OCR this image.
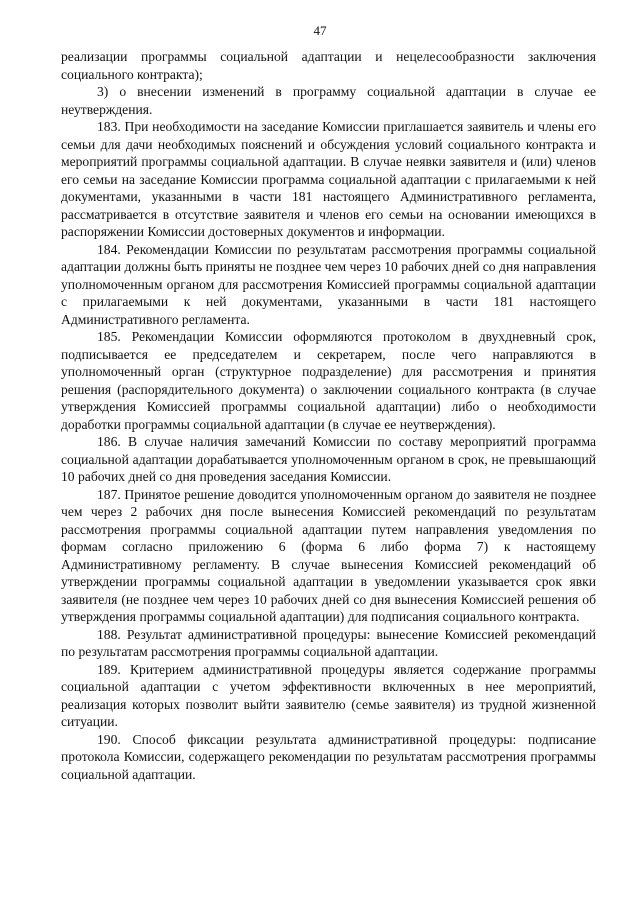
47

реализации программы социальной адаптации и нецелесообразности заключения социального контракта);

3) о внесении изменений в программу социальной адаптации в случае ее неутверждения.

183. При необходимости на заседание Комиссии приглашается заявитель и члены его семьи для дачи необходимых пояснений и обсуждения условий социального контракта и мероприятий программы социальной адаптации. В случае неявки заявителя и (или) членов его семьи на заседание Комиссии программа социальной адаптации с прилагаемыми к ней документами, указанными в части 181 настоящего Административного регламента, рассматривается в отсутствие заявителя и членов его семьи на основании имеющихся в распоряжении Комиссии достоверных документов и информации.

184. Рекомендации Комиссии по результатам рассмотрения программы социальной адаптации должны быть приняты не позднее чем через 10 рабочих дней со дня направления уполномоченным органом для рассмотрения Комиссией программы социальной адаптации с прилагаемыми к ней документами, указанными в части 181 настоящего Административного регламента.

185. Рекомендации Комиссии оформляются протоколом в двухдневный срок, подписывается ее председателем и секретарем, после чего направляются в уполномоченный орган (структурное подразделение) для рассмотрения и принятия решения (распорядительного документа) о заключении социального контракта (в случае утверждения Комиссией программы социальной адаптации) либо о необходимости доработки программы социальной адаптации (в случае ее неутверждения).

186. В случае наличия замечаний Комиссии по составу мероприятий программа социальной адаптации дорабатывается уполномоченным органом в срок, не превышающий 10 рабочих дней со дня проведения заседания Комиссии.

187. Принятое решение доводится уполномоченным органом до заявителя не позднее чем через 2 рабочих дня после вынесения Комиссией рекомендаций по результатам рассмотрения программы социальной адаптации путем направления уведомления по формам согласно приложению 6 (форма 6 либо форма 7) к настоящему Административному регламенту. В случае вынесения Комиссией рекомендаций об утверждении программы социальной адаптации в уведомлении указывается срок явки заявителя (не позднее чем через 10 рабочих дней со дня вынесения Комиссией решения об утверждения программы социальной адаптации) для подписания социального контракта.

188. Результат административной процедуры: вынесение Комиссией рекомендаций по результатам рассмотрения программы социальной адаптации.

189. Критерием административной процедуры является содержание программы социальной адаптации с учетом эффективности включенных в нее мероприятий, реализация которых позволит выйти заявителю (семье заявителя) из трудной жизненной ситуации.

190. Способ фиксации результата административной процедуры: подписание протокола Комиссии, содержащего рекомендации по результатам рассмотрения программы социальной адаптации.
